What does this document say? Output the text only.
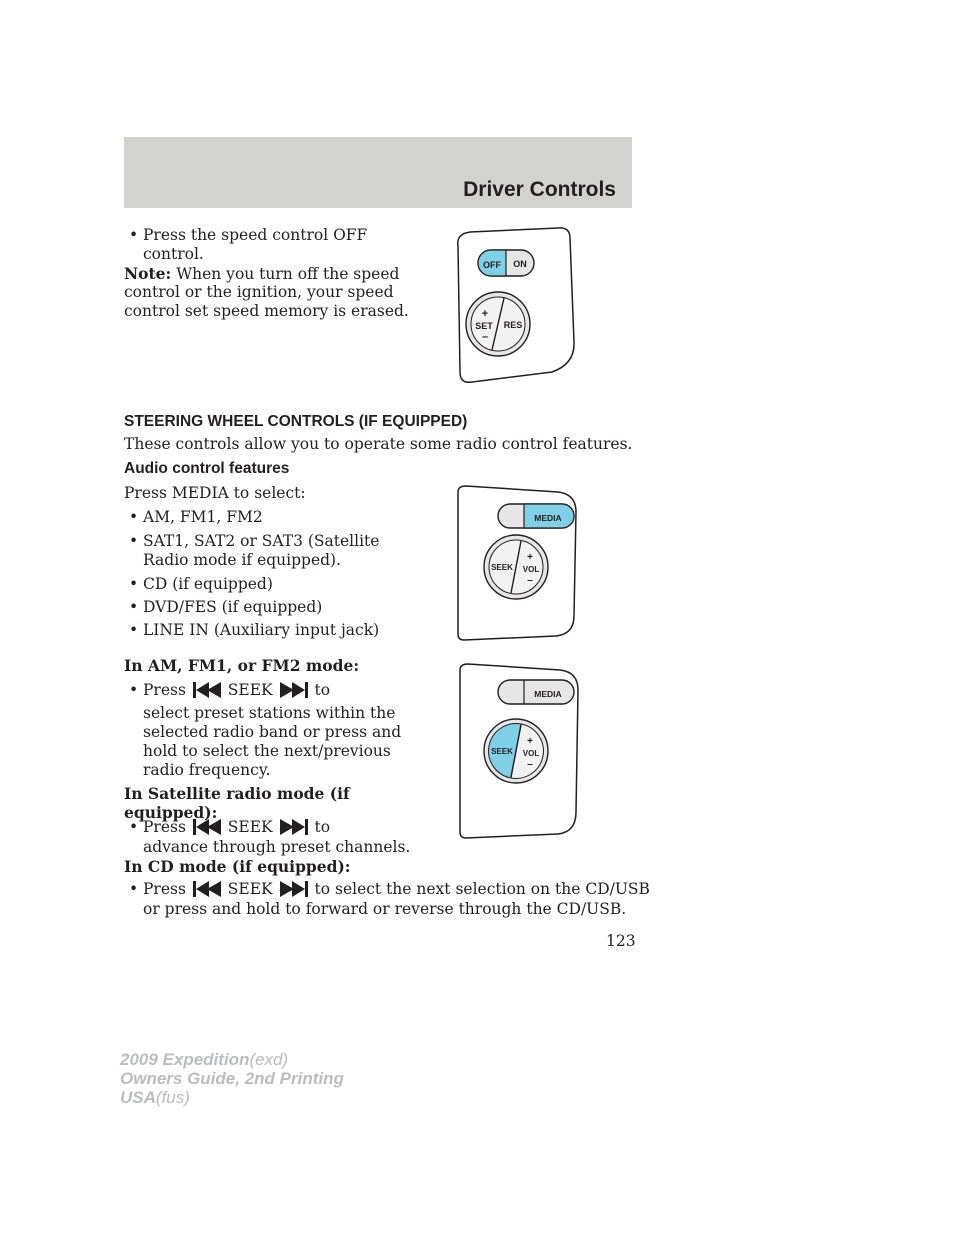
Driver Controls
• Press the speed control OFF
control.
Note: When you turn off the speed
control or the ignition, your speed
control set speed memory is erased.
OFF ON
+
SET
–
RES
STEERING WHEEL CONTROLS (IF EQUIPPED)
These controls allow you to operate some radio control features.
Audio control features
Press MEDIA to select:
• AM, FM1, FM2
• SAT1, SAT2 or SAT3 (Satellite
Radio mode if equipped).
• CD (if equipped)
• DVD/FES (if equipped)
• LINE IN (Auxiliary input jack)
MEDIA
SEEK
+
VOL
–
MEDIA
SEEK
+
VOL
–
In AM, FM1, or FM2 mode:
• Press	SEEK	to
select preset stations within the
selected radio band or press and
hold to select the next/previous
radio frequency.
In Satellite radio mode (if
equipped):
• Press	SEEK	to
advance through preset channels.
In CD mode (if equipped):
• Press	SEEK	to select the next selection on the CD/USB
or press and hold to forward or reverse through the CD/USB.
123
2009 Expedition(exd)
Owners Guide, 2nd Printing
USA(fus)
